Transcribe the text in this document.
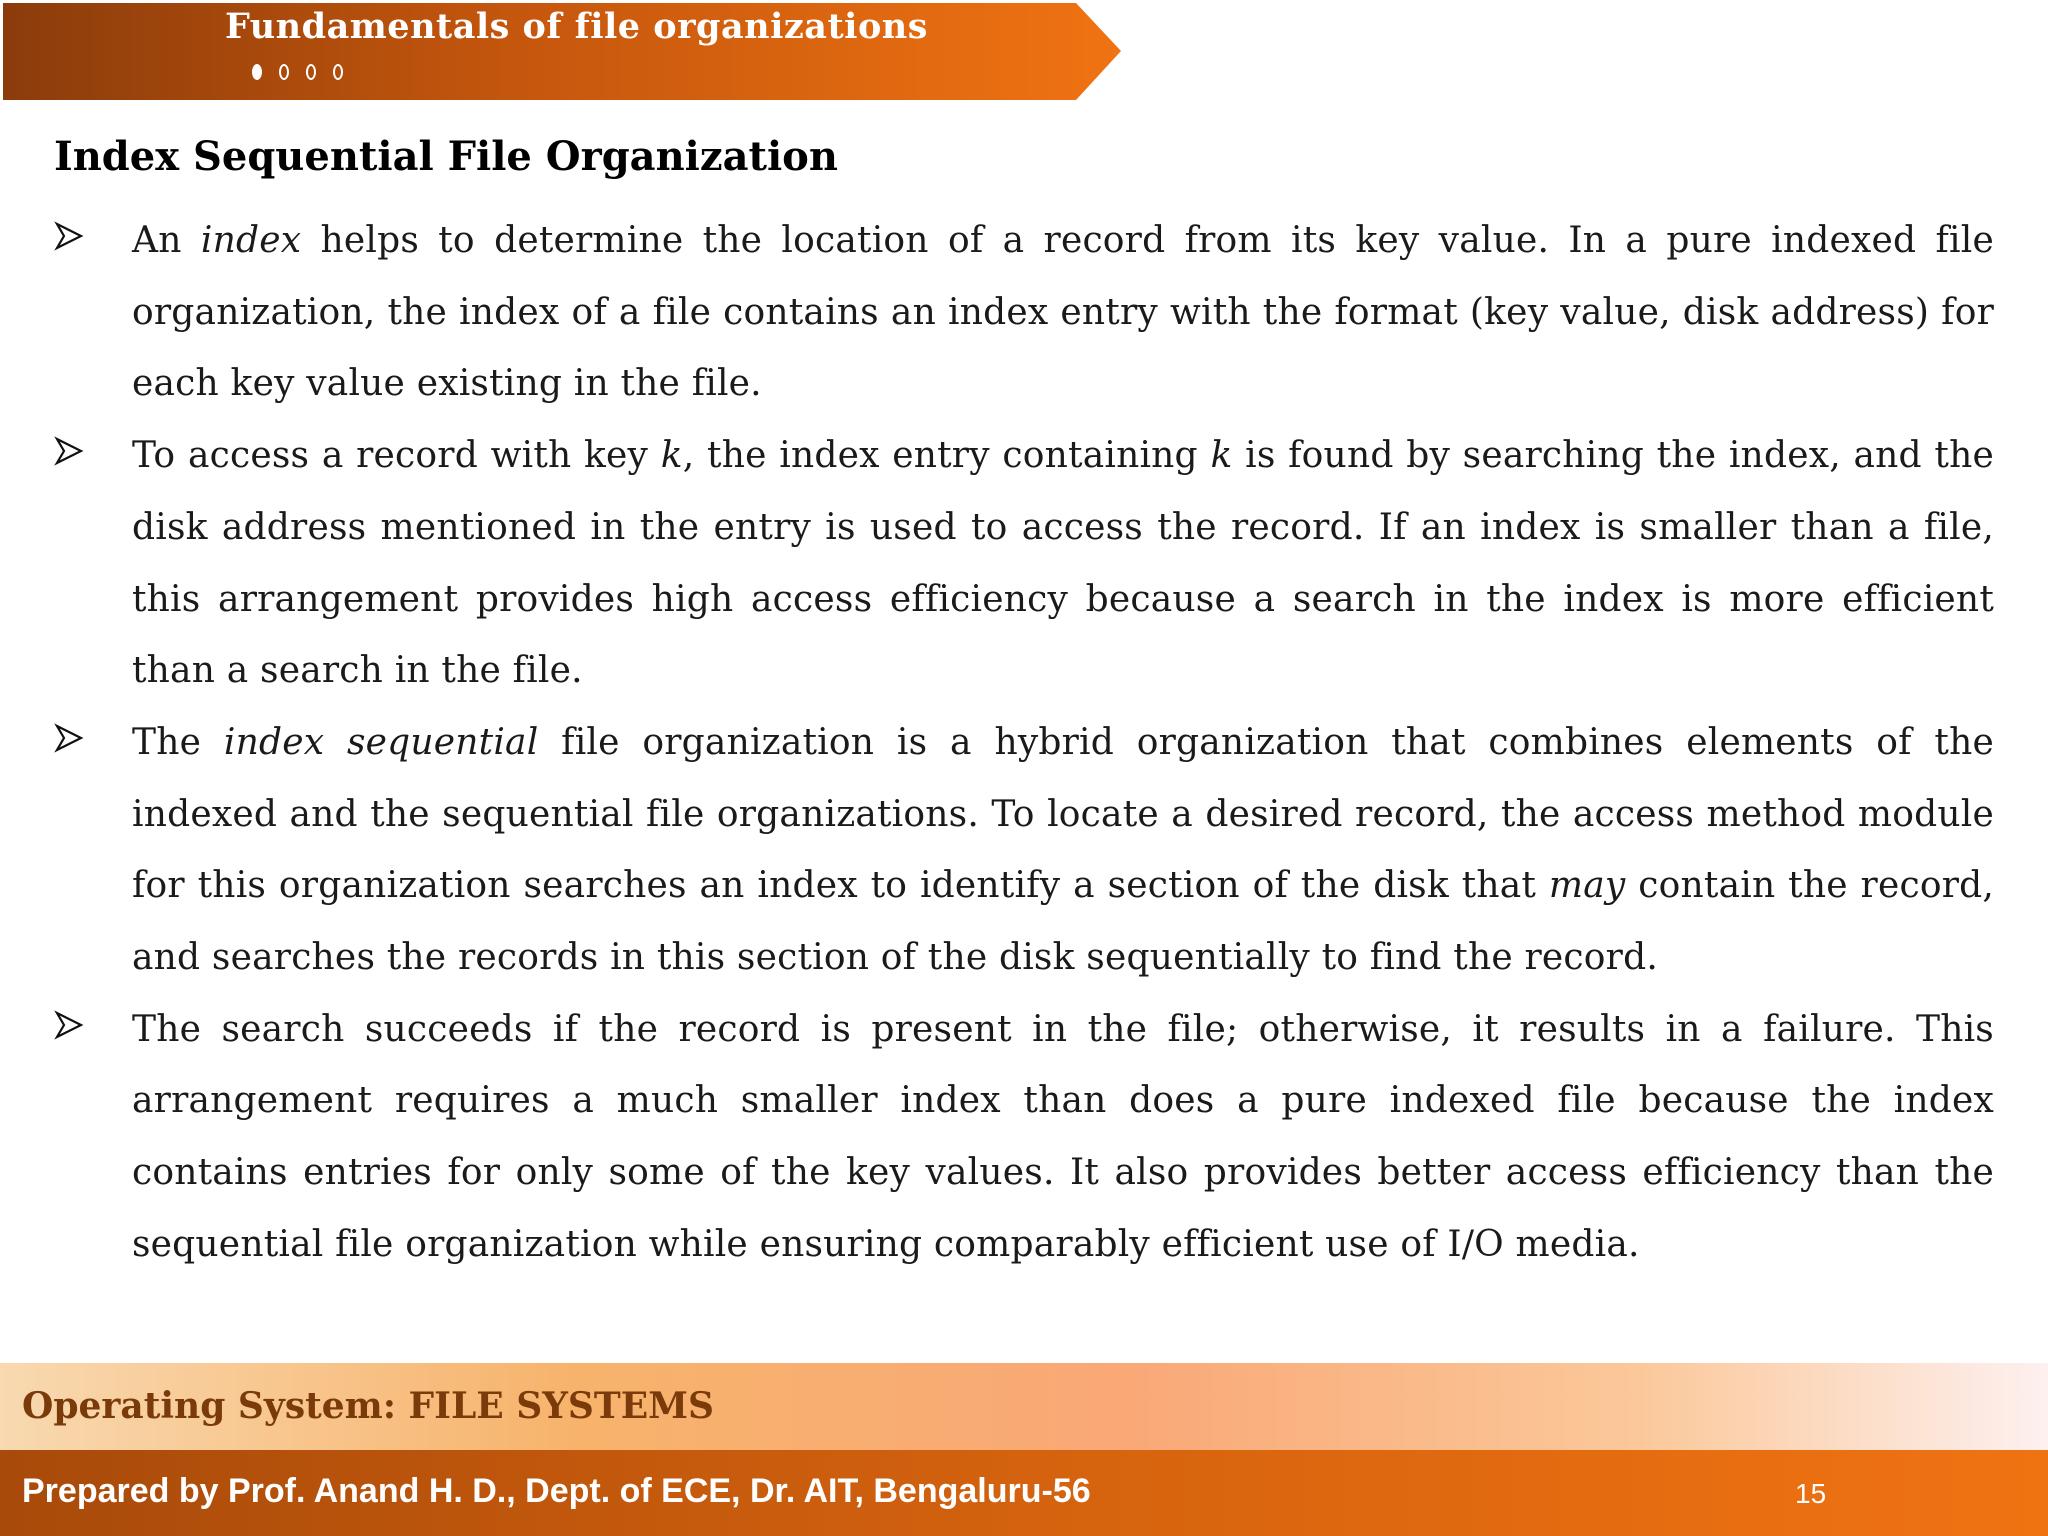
Fundamentals of file organizations
Index Sequential File Organization
An index helps to determine the location of a record from its key value. In a pure indexed file organization, the index of a file contains an index entry with the format (key value, disk address) for each key value existing in the file.
To access a record with key k, the index entry containing k is found by searching the index, and the disk address mentioned in the entry is used to access the record. If an index is smaller than a file, this arrangement provides high access efficiency because a search in the index is more efficient than a search in the file.
The index sequential file organization is a hybrid organization that combines elements of the indexed and the sequential file organizations. To locate a desired record, the access method module for this organization searches an index to identify a section of the disk that may contain the record, and searches the records in this section of the disk sequentially to find the record.
The search succeeds if the record is present in the file; otherwise, it results in a failure. This arrangement requires a much smaller index than does a pure indexed file because the index contains entries for only some of the key values. It also provides better access efficiency than the sequential file organization while ensuring comparably efficient use of I/O media.
Operating System: FILE SYSTEMS
Prepared by Prof. Anand H. D., Dept. of ECE, Dr. AIT, Bengaluru-56	15
